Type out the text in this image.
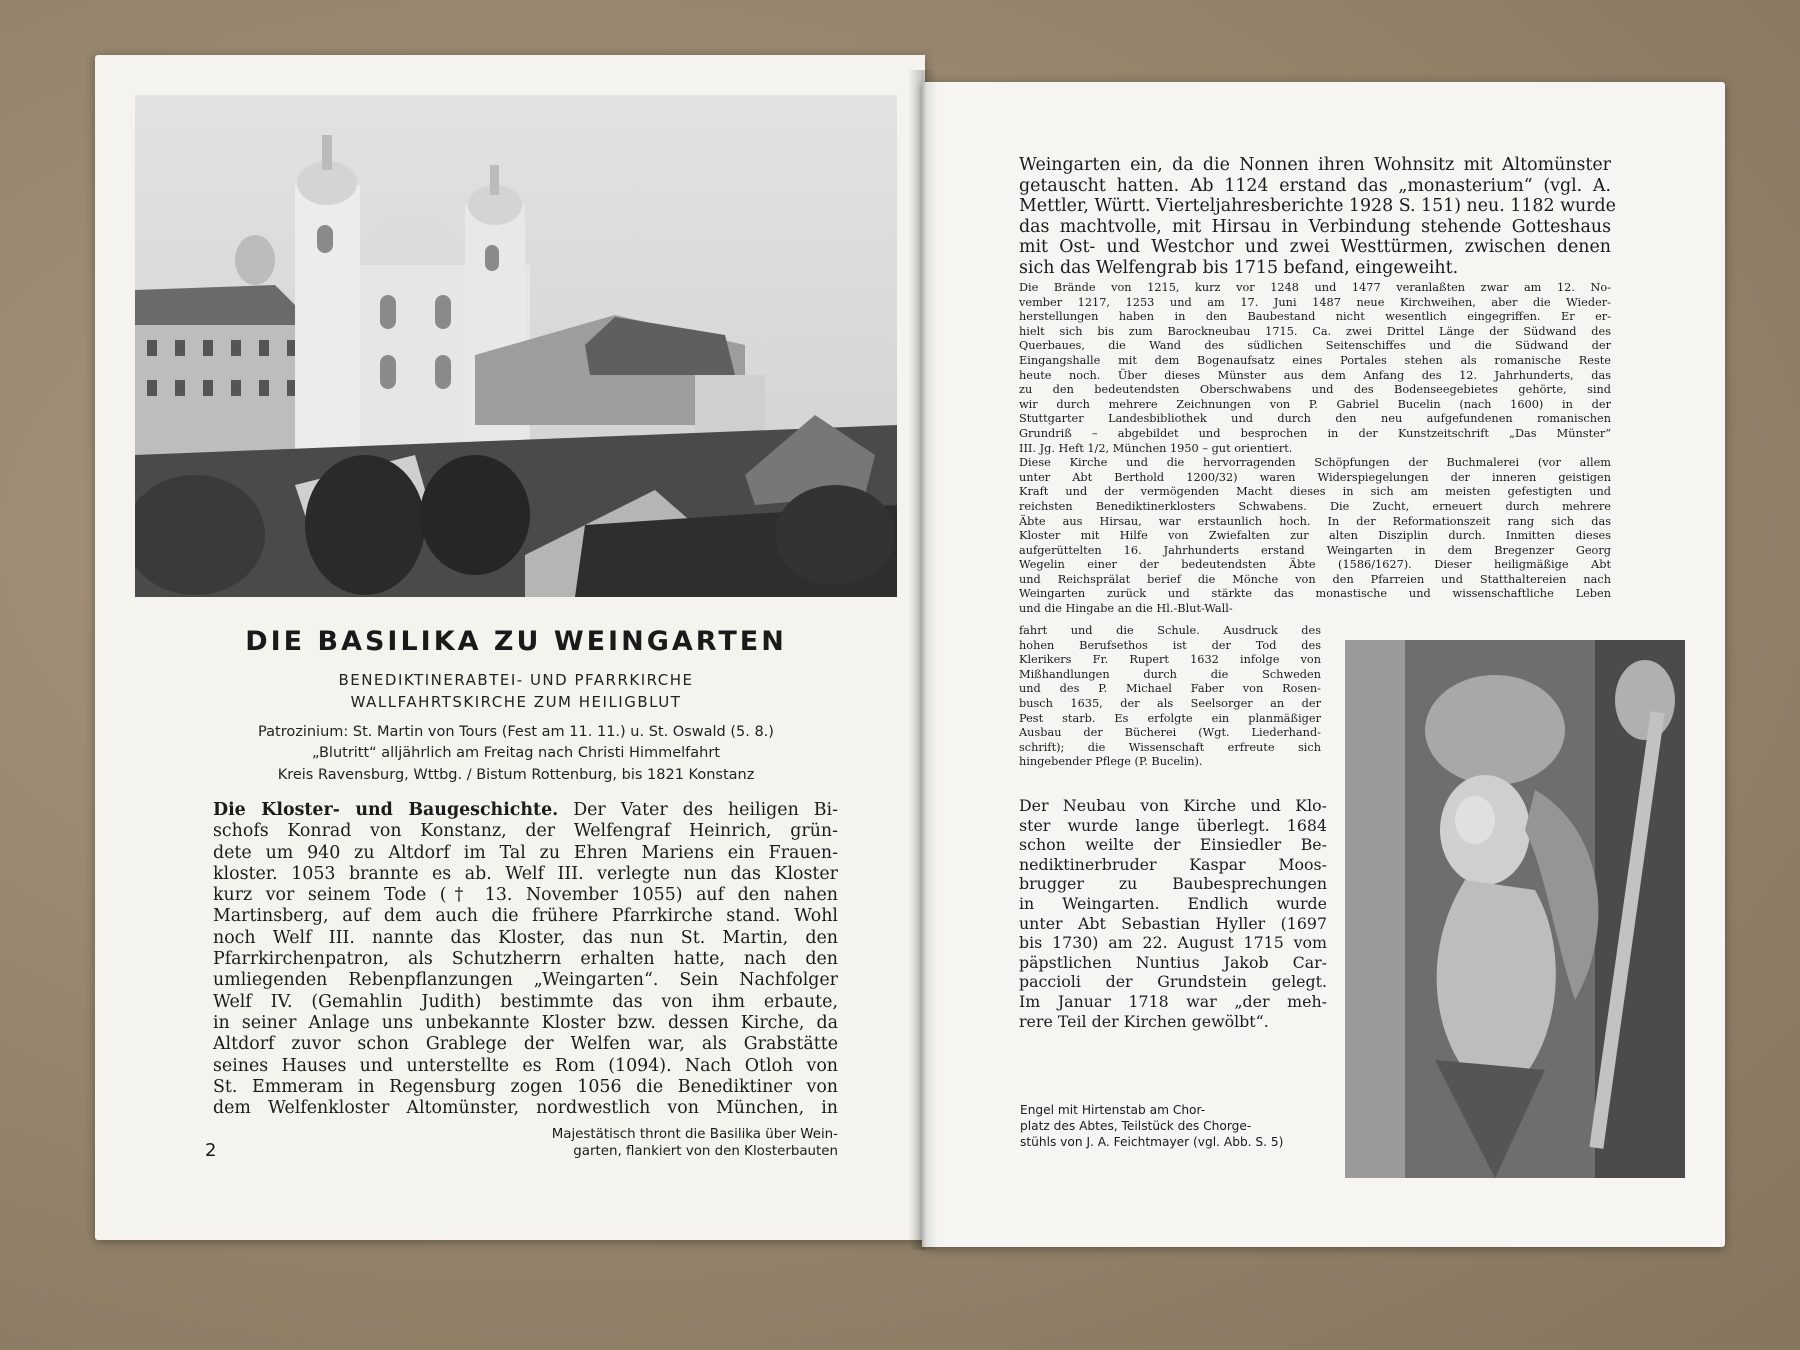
DIE BASILIKA ZU WEINGARTEN
BENEDIKTINERABTEI- UND PFARRKIRCHE
WALLFAHRTSKIRCHE ZUM HEILIGBLUT
Patrozinium: St. Martin von Tours (Fest am 11. 11.) u. St. Oswald (5. 8.)
„Blutritt“ alljährlich am Freitag nach Christi Himmelfahrt
Kreis Ravensburg, Wttbg. / Bistum Rottenburg, bis 1821 Konstanz
Die Kloster- und Baugeschichte. Der Vater des heiligen Bi-
schofs Konrad von Konstanz, der Welfengraf Heinrich, grün-
dete um 940 zu Altdorf im Tal zu Ehren Mariens ein Frauen-
kloster. 1053 brannte es ab. Welf III. verlegte nun das Kloster
kurz vor seinem Tode († 13. November 1055) auf den nahen
Martinsberg, auf dem auch die frühere Pfarrkirche stand. Wohl
noch Welf III. nannte das Kloster, das nun St. Martin, den
Pfarrkirchenpatron, als Schutzherrn erhalten hatte, nach den
umliegenden Rebenpflanzungen „Weingarten“. Sein Nachfolger
Welf IV. (Gemahlin Judith) bestimmte das von ihm erbaute,
in seiner Anlage uns unbekannte Kloster bzw. dessen Kirche, da
Altdorf zuvor schon Grablege der Welfen war, als Grabstätte
seines Hauses und unterstellte es Rom (1094). Nach Otloh von
St. Emmeram in Regensburg zogen 1056 die Benediktiner von
dem Welfenkloster Altomünster, nordwestlich von München, in
2
Majestätisch thront die Basilika über Wein-
garten, flankiert von den Klosterbauten
Weingarten ein, da die Nonnen ihren Wohnsitz mit Altomünster
getauscht hatten. Ab 1124 erstand das „monasterium“ (vgl. A.
Mettler, Württ. Vierteljahresberichte 1928 S. 151) neu. 1182 wurde
das machtvolle, mit Hirsau in Verbindung stehende Gotteshaus
mit Ost- und Westchor und zwei Westtürmen, zwischen denen
sich das Welfengrab bis 1715 befand, eingeweiht.
Die Brände von 1215, kurz vor 1248 und 1477 veranlaßten zwar am 12. No-
vember 1217, 1253 und am 17. Juni 1487 neue Kirchweihen, aber die Wieder-
herstellungen haben in den Baubestand nicht wesentlich eingegriffen. Er er-
hielt sich bis zum Barockneubau 1715. Ca. zwei Drittel Länge der Südwand des
Querbaues, die Wand des südlichen Seitenschiffes und die Südwand der
Eingangshalle mit dem Bogenaufsatz eines Portales stehen als romanische Reste
heute noch. Über dieses Münster aus dem Anfang des 12. Jahrhunderts, das
zu den bedeutendsten Oberschwabens und des Bodenseegebietes gehörte, sind
wir durch mehrere Zeichnungen von P. Gabriel Bucelin (nach 1600) in der
Stuttgarter Landesbibliothek und durch den neu aufgefundenen romanischen
Grundriß – abgebildet und besprochen in der Kunstzeitschrift „Das Münster“
III. Jg. Heft 1/2, München 1950 – gut orientiert.
Diese Kirche und die hervorragenden Schöpfungen der Buchmalerei (vor allem
unter Abt Berthold 1200/32) waren Widerspiegelungen der inneren geistigen
Kraft und der vermögenden Macht dieses in sich am meisten gefestigten und
reichsten Benediktinerklosters Schwabens. Die Zucht, erneuert durch mehrere
Äbte aus Hirsau, war erstaunlich hoch. In der Reformationszeit rang sich das
Kloster mit Hilfe von Zwiefalten zur alten Disziplin durch. Inmitten dieses
aufgerüttelten 16. Jahrhunderts erstand Weingarten in dem Bregenzer Georg
Wegelin einer der bedeutendsten Äbte (1586/1627). Dieser heiligmäßige Abt
und Reichsprälat berief die Mönche von den Pfarreien und Statthaltereien nach
Weingarten zurück und stärkte das monastische und wissenschaftliche Leben
und die Hingabe an die Hl.-Blut-Wall-
fahrt und die Schule. Ausdruck des
hohen Berufsethos ist der Tod des
Klerikers Fr. Rupert 1632 infolge von
Mißhandlungen durch die Schweden
und des P. Michael Faber von Rosen-
busch 1635, der als Seelsorger an der
Pest starb. Es erfolgte ein planmäßiger
Ausbau der Bücherei (Wgt. Liederhand-
schrift); die Wissenschaft erfreute sich
hingebender Pflege (P. Bucelin).
Der Neubau von Kirche und Klo-
ster wurde lange überlegt. 1684
schon weilte der Einsiedler Be-
nediktinerbruder Kaspar Moos-
brugger zu Baubesprechungen
in Weingarten. Endlich wurde
unter Abt Sebastian Hyller (1697
bis 1730) am 22. August 1715 vom
päpstlichen Nuntius Jakob Car-
paccioli der Grundstein gelegt.
Im Januar 1718 war „der meh-
rere Teil der Kirchen gewölbt“.
Engel mit Hirtenstab am Chor-
platz des Abtes, Teilstück des Chorge-
stühls von J. A. Feichtmayer (vgl. Abb. S. 5)
